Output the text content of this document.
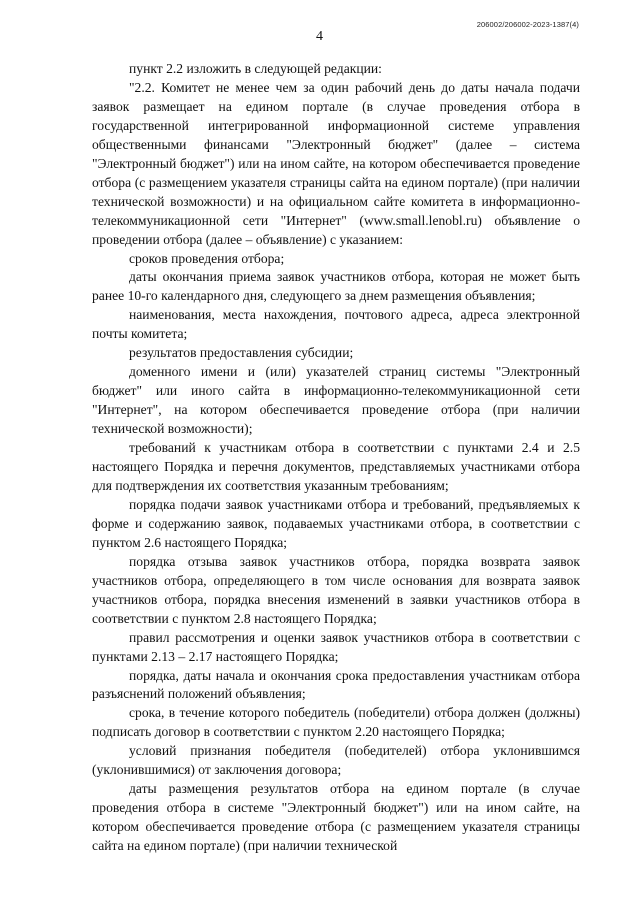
206002/206002-2023-1387(4)
4

пункт 2.2 изложить в следующей редакции:

"2.2. Комитет не менее чем за один рабочий день до даты начала подачи заявок размещает на едином портале (в случае проведения отбора в государственной интегрированной информационной системе управления общественными финансами "Электронный бюджет" (далее – система "Электронный бюджет") или на ином сайте, на котором обеспечивается проведение отбора (с размещением указателя страницы сайта на едином портале) (при наличии технической возможности) и на официальном сайте комитета в информационно-телекоммуникационной сети "Интернет" (www.small.lenobl.ru) объявление о проведении отбора (далее – объявление) с указанием:

сроков проведения отбора;

даты окончания приема заявок участников отбора, которая не может быть ранее 10-го календарного дня, следующего за днем размещения объявления;

наименования, места нахождения, почтового адреса, адреса электронной почты комитета;

результатов предоставления субсидии;

доменного имени и (или) указателей страниц системы "Электронный бюджет" или иного сайта в информационно-телекоммуникационной сети "Интернет", на котором обеспечивается проведение отбора (при наличии технической возможности);

требований к участникам отбора в соответствии с пунктами 2.4 и 2.5 настоящего Порядка и перечня документов, представляемых участниками отбора для подтверждения их соответствия указанным требованиям;

порядка подачи заявок участниками отбора и требований, предъявляемых к форме и содержанию заявок, подаваемых участниками отбора, в соответствии с пунктом 2.6 настоящего Порядка;

порядка отзыва заявок участников отбора, порядка возврата заявок участников отбора, определяющего в том числе основания для возврата заявок участников отбора, порядка внесения изменений в заявки участников отбора в соответствии с пунктом 2.8 настоящего Порядка;

правил рассмотрения и оценки заявок участников отбора в соответствии с пунктами 2.13 – 2.17 настоящего Порядка;

порядка, даты начала и окончания срока предоставления участникам отбора разъяснений положений объявления;

срока, в течение которого победитель (победители) отбора должен (должны) подписать договор в соответствии с пунктом 2.20 настоящего Порядка;

условий признания победителя (победителей) отбора уклонившимся (уклонившимися) от заключения договора;

даты размещения результатов отбора на едином портале (в случае проведения отбора в системе "Электронный бюджет") или на ином сайте, на котором обеспечивается проведение отбора (с размещением указателя страницы сайта на едином портале) (при наличии технической
